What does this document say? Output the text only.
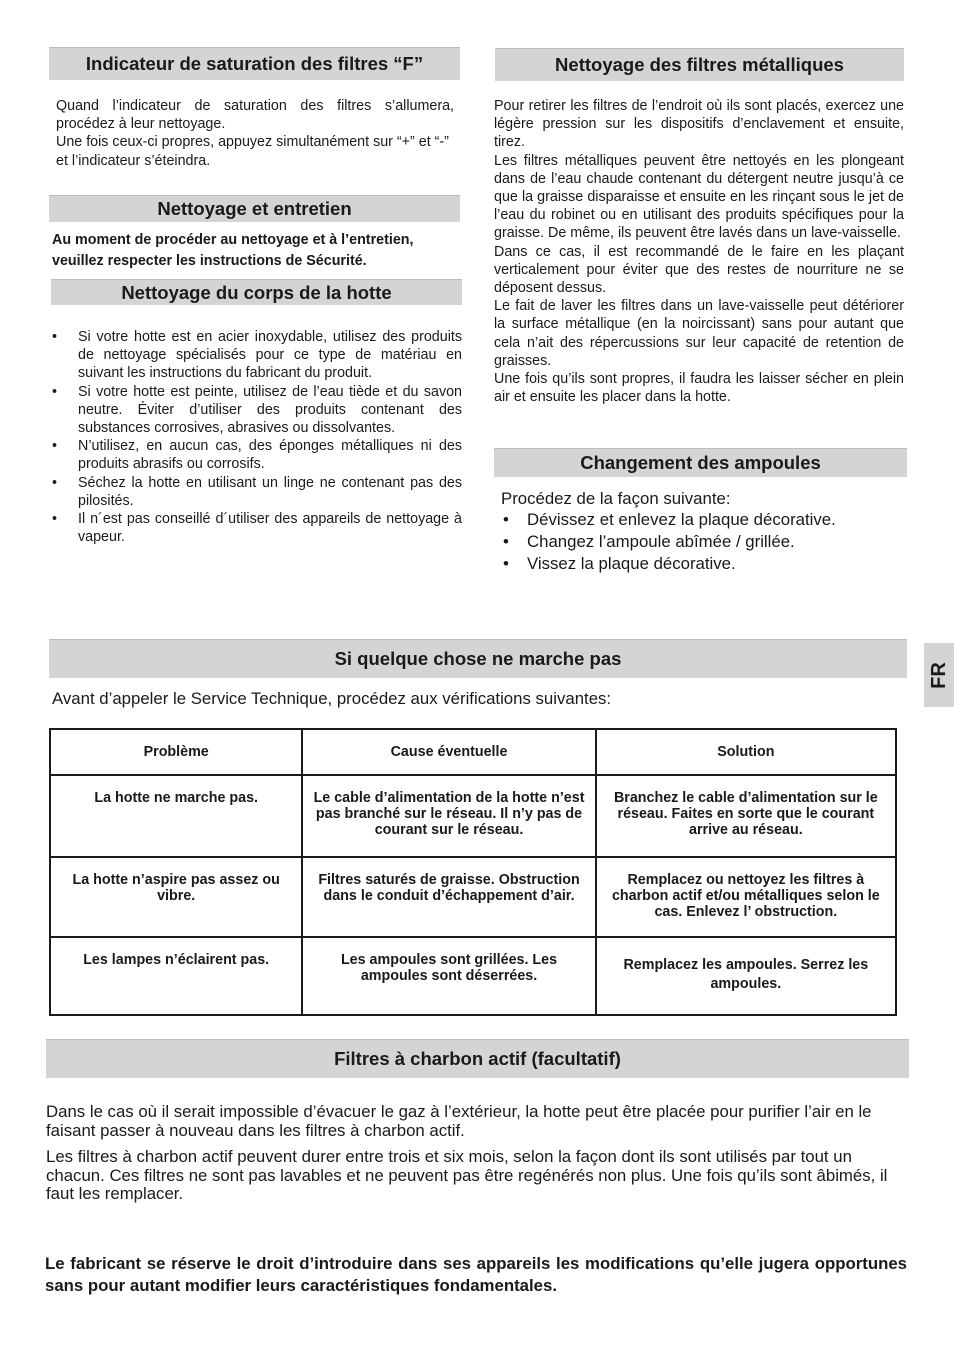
Indicateur de saturation des filtres “F”

Quand l’indicateur de saturation des filtres s’allumera, procédez à leur nettoyage.

Une fois ceux-ci propres, appuyez simultanément sur “+” et “-” et l’indicateur s’éteindra.

Nettoyage et entretien
Au moment de procéder au nettoyage et à l’entretien, veuillez respecter les instructions de Sécurité.
Nettoyage du corps de la hotte
• Si votre hotte est en acier inoxydable, utilisez des produits de nettoyage spécialisés pour ce type de matériau en suivant les instructions du fabricant du produit.
• Si votre hotte est peinte, utilisez de l’eau tiède et du savon neutre. Éviter d’utiliser des produits contenant des substances corrosives, abrasives ou dissolvantes.
• N’utilisez, en aucun cas, des éponges métalliques ni des produits abrasifs ou corrosifs.
• Séchez la hotte en utilisant un linge ne contenant pas des pilosités.
• Il n´est pas conseillé d´utiliser des appareils de nettoyage à vapeur.
Nettoyage des filtres métalliques

Pour retirer les filtres de l’endroit où ils sont placés, exercez une légère pression sur les dispositifs d’enclavement et ensuite, tirez.

Les filtres métalliques peuvent être nettoyés en les plongeant dans de l’eau chaude contenant du détergent neutre jusqu’à ce que la graisse disparaisse et ensuite en les rinçant sous le jet de l’eau du robinet ou en utilisant des produits spécifiques pour la graisse. De même, ils peuvent être lavés dans un lave-vaisselle.

Dans ce cas, il est recommandé de le faire en les plaçant verticalement pour éviter que des restes de nourriture ne se déposent dessus.

Le fait de laver les filtres dans un lave-vaisselle peut détériorer la surface métallique (en la noircissant) sans pour autant que cela n’ait des répercussions sur leur capacité de retention de graisses.

Une fois qu’ils sont propres, il faudra les laisser sécher en plein air et ensuite les placer dans la hotte.

Changement des ampoules
Procédez de la façon suivante:
• Dévissez et enlevez la plaque décorative.
• Changez l’ampoule abîmée / grillée.
• Vissez la plaque décorative.
FR
Si quelque chose ne marche pas
Avant d’appeler le Service Technique, procédez aux vérifications suivantes:
Problème	Cause éventuelle	Solution
La hotte ne marche pas.	Le cable d’alimentation de la hotte n’est pas branché sur le réseau. Il n’y pas de courant sur le réseau.	Branchez le cable d’alimentation sur le réseau. Faites en sorte que le courant arrive au réseau.
La hotte n’aspire pas assez ou vibre.	Filtres saturés de graisse. Obstruction dans le conduit d’échappement d’air.	Remplacez ou nettoyez les filtres à charbon actif et/ou métalliques selon le cas. Enlevez l’ obstruction.
Les lampes n’éclairent pas.	Les ampoules sont grillées. Les ampoules sont déserrées.	Remplacez les ampoules. Serrez les ampoules.
Filtres à charbon actif (facultatif)

Dans le cas où il serait impossible d’évacuer le gaz à l’extérieur, la hotte peut être placée pour purifier l’air en le faisant passer à nouveau dans les filtres à charbon actif.

Les filtres à charbon actif peuvent durer entre trois et six mois, selon la façon dont ils sont utilisés par tout un chacun. Ces filtres ne sont pas lavables et ne peuvent pas être regénérés non plus. Une fois qu’ils sont âbimés, il faut les remplacer.

Le fabricant se réserve le droit d’introduire dans ses appareils les modifications qu’elle jugera opportunes sans pour autant modifier leurs caractéristiques fondamentales.
